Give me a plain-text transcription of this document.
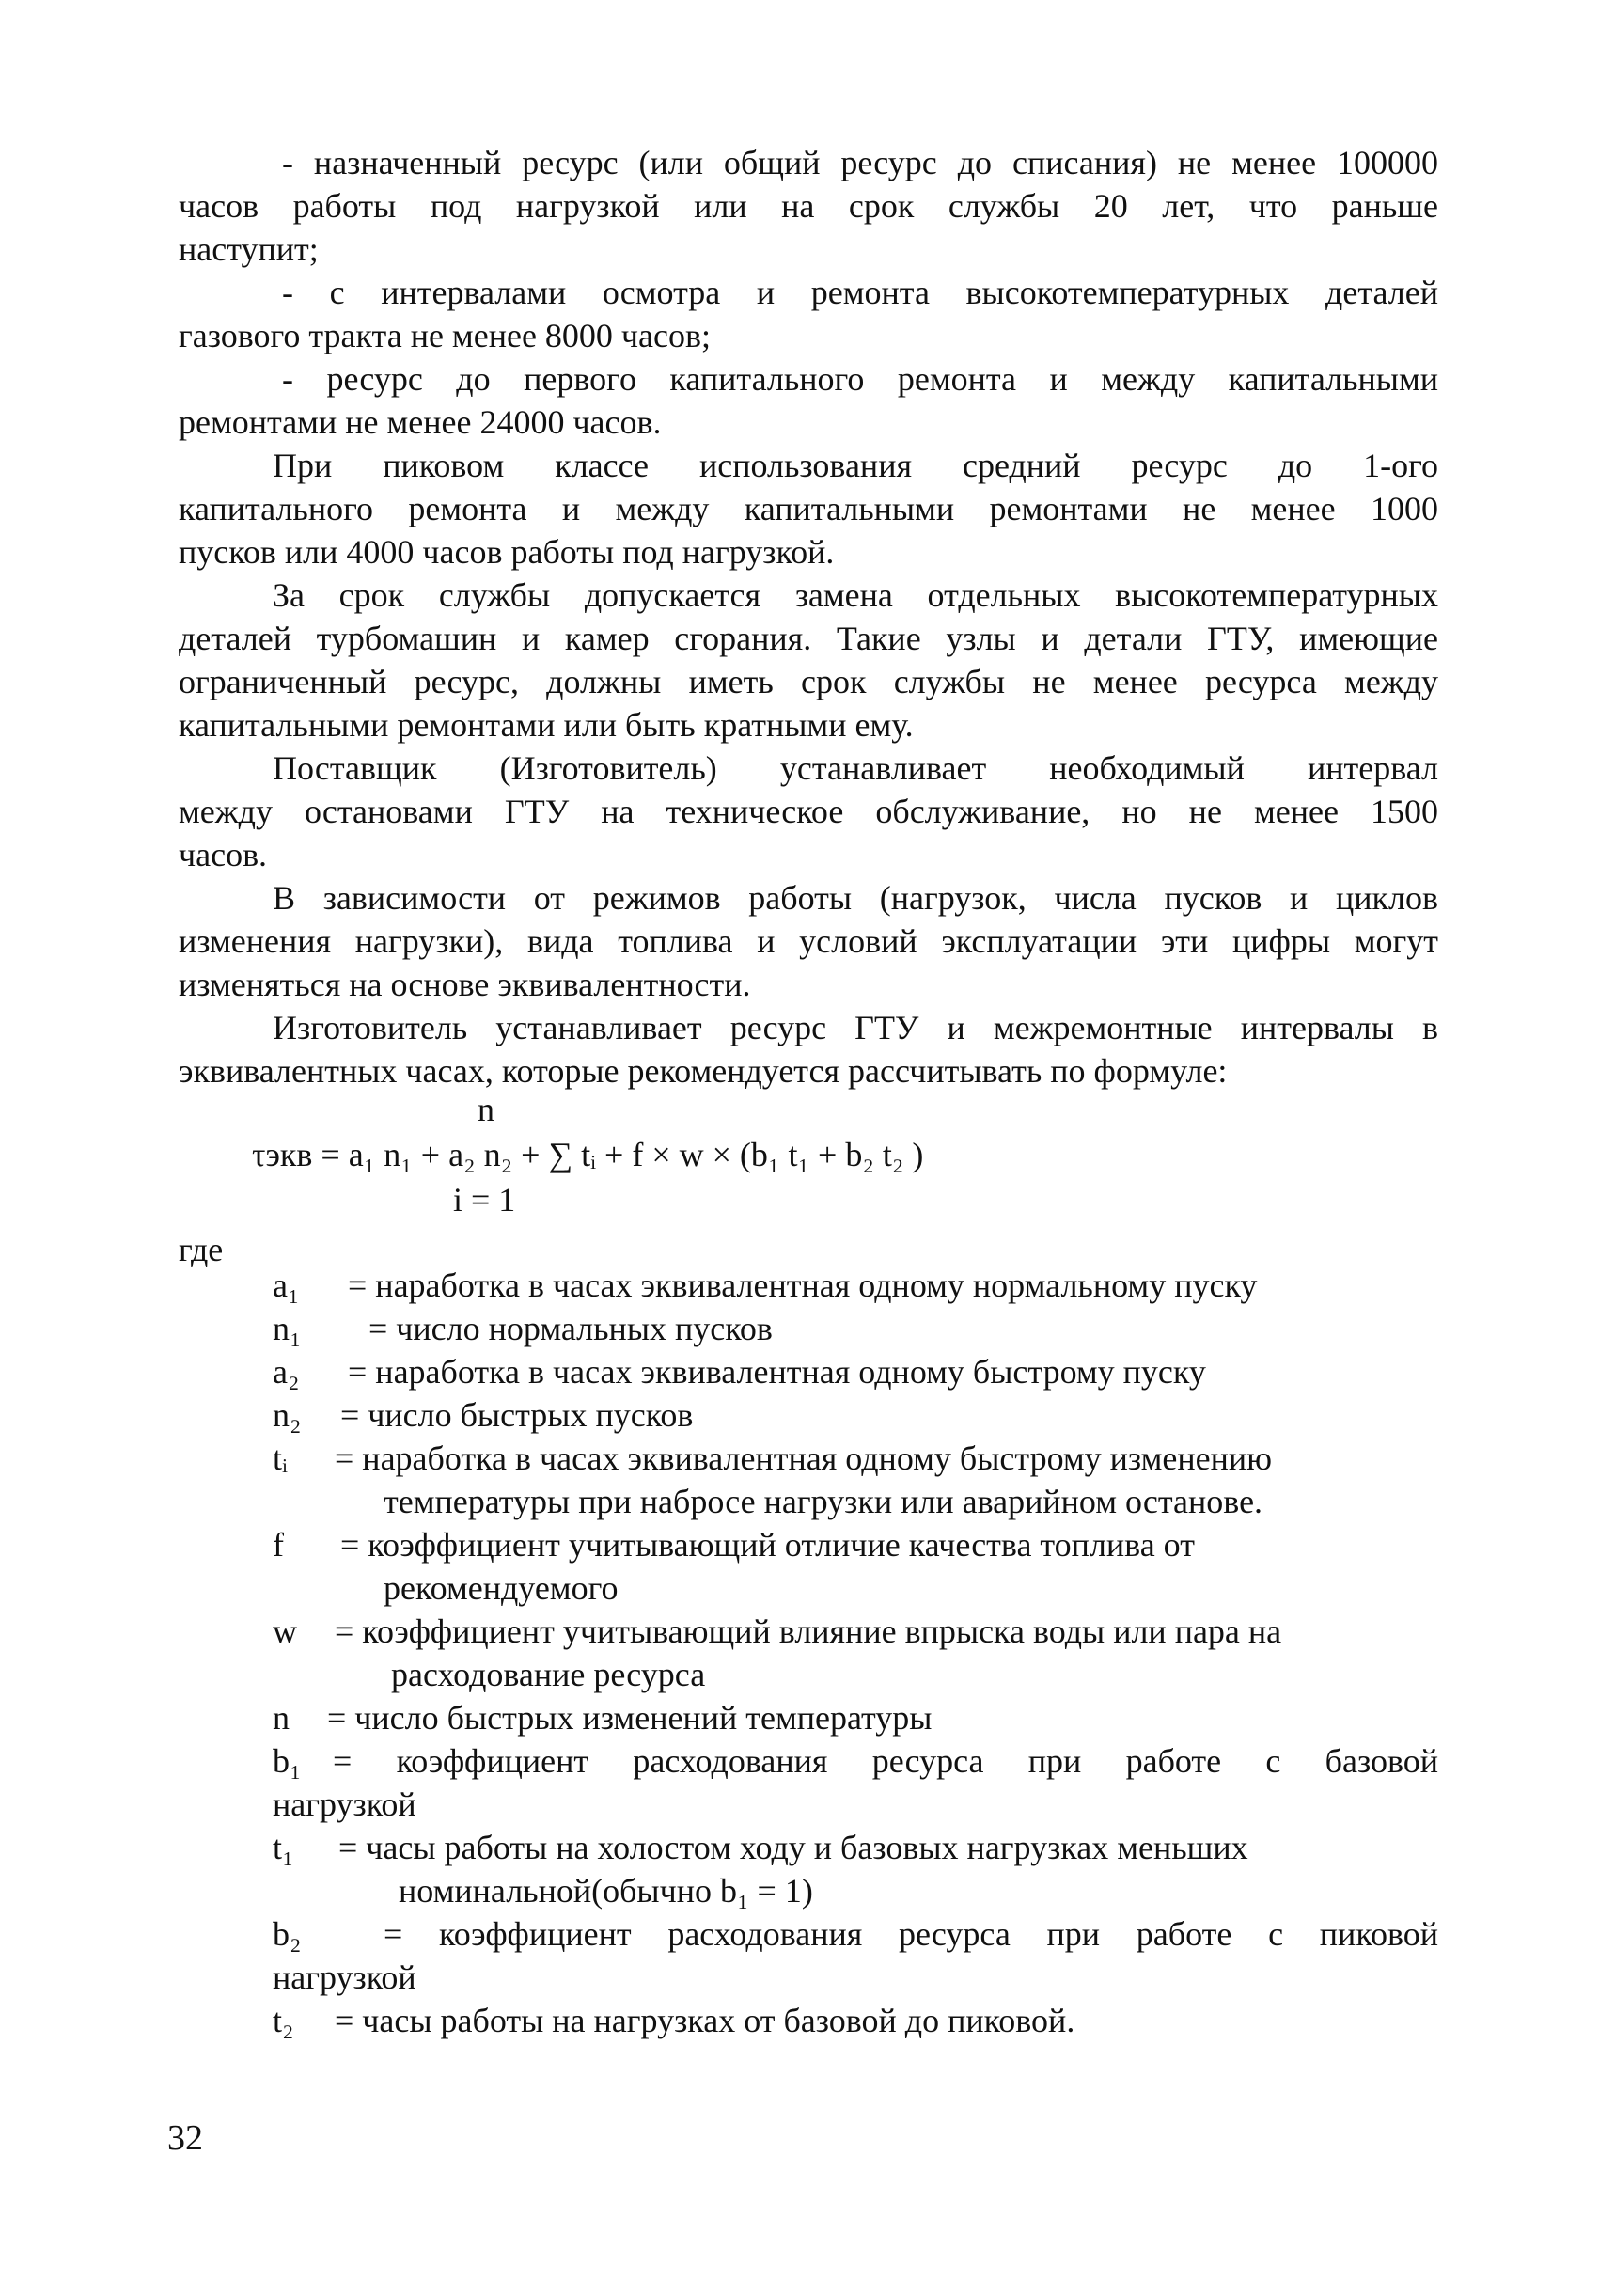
- назначенный ресурс (или общий ресурс до списания) не менее 100000
часов работы под нагрузкой или на срок службы 20 лет, что раньше
наступит;
- с интервалами осмотра и ремонта высокотемпературных деталей
газового тракта не менее 8000 часов;
- ресурс до первого капитального ремонта и между капитальными
ремонтами не менее 24000 часов.
При пиковом классе использования средний ресурс до 1-ого
капитального ремонта и между капитальными ремонтами не менее 1000
пусков или 4000 часов работы под нагрузкой.
За срок службы допускается замена отдельных высокотемпературных
деталей турбомашин и камер сгорания. Такие узлы и детали ГТУ, имеющие
ограниченный ресурс, должны иметь срок службы не менее ресурса между
капитальными ремонтами или быть кратными ему.
Поставщик (Изготовитель) устанавливает необходимый интервал
между остановами ГТУ на техническое обслуживание, но не менее 1500
часов.
В зависимости от режимов работы (нагрузок, числа пусков и циклов
изменения нагрузки), вида топлива и условий эксплуатации эти цифры могут
изменяться на основе эквивалентности.
Изготовитель устанавливает ресурс ГТУ и межремонтные интервалы в
эквивалентных часах, которые рекомендуется рассчитывать по формуле:
n
τэкв = a₁ n₁ + a₂ n₂ + ∑ tᵢ + f × w × (b₁ t₁ + b₂ t₂ )
i = 1
где
a₁ = наработка в часах эквивалентная одному нормальному пуску
n₁ = число нормальных пусков
a₂ = наработка в часах эквивалентная одному быстрому пуску
n₂ = число быстрых пусков
tᵢ = наработка в часах эквивалентная одному быстрому изменению
температуры при набросе нагрузки или аварийном останове.
f = коэффициент учитывающий отличие качества топлива от
рекомендуемого
w = коэффициент учитывающий влияние впрыска воды или пара на
расходование ресурса
n = число быстрых изменений температуры
b₁ = коэффициент расходования ресурса при работе с базовой
нагрузкой
t₁ = часы работы на холостом ходу и базовых нагрузках меньших
номинальной(обычно b₁ = 1)
b₂ = коэффициент расходования ресурса при работе с пиковой
нагрузкой
t₂ = часы работы на нагрузках от базовой до пиковой.
32
